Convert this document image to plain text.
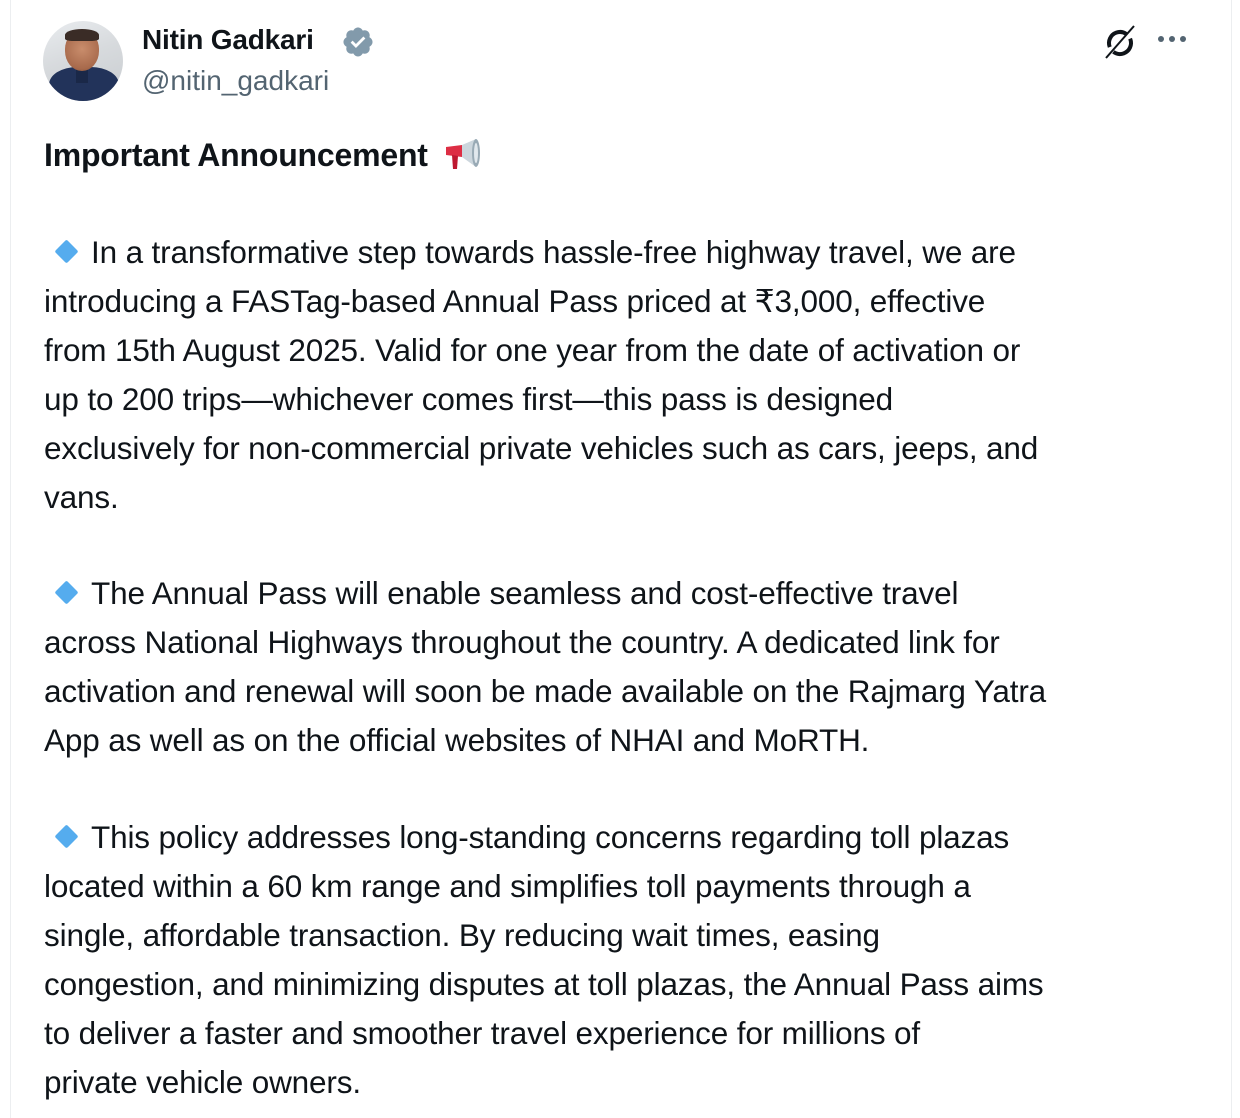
Nitin Gadkari
@nitin_gadkari
Important Announcement
In a transformative step towards hassle-free highway travel, we are
introducing a FASTag-based Annual Pass priced at ₹3,000, effective
from 15th August 2025. Valid for one year from the date of activation or
up to 200 trips—whichever comes first—this pass is designed
exclusively for non-commercial private vehicles such as cars, jeeps, and
vans.
The Annual Pass will enable seamless and cost-effective travel
across National Highways throughout the country. A dedicated link for
activation and renewal will soon be made available on the Rajmarg Yatra
App as well as on the official websites of NHAI and MoRTH.
This policy addresses long-standing concerns regarding toll plazas
located within a 60 km range and simplifies toll payments through a
single, affordable transaction. By reducing wait times, easing
congestion, and minimizing disputes at toll plazas, the Annual Pass aims
to deliver a faster and smoother travel experience for millions of
private vehicle owners.
